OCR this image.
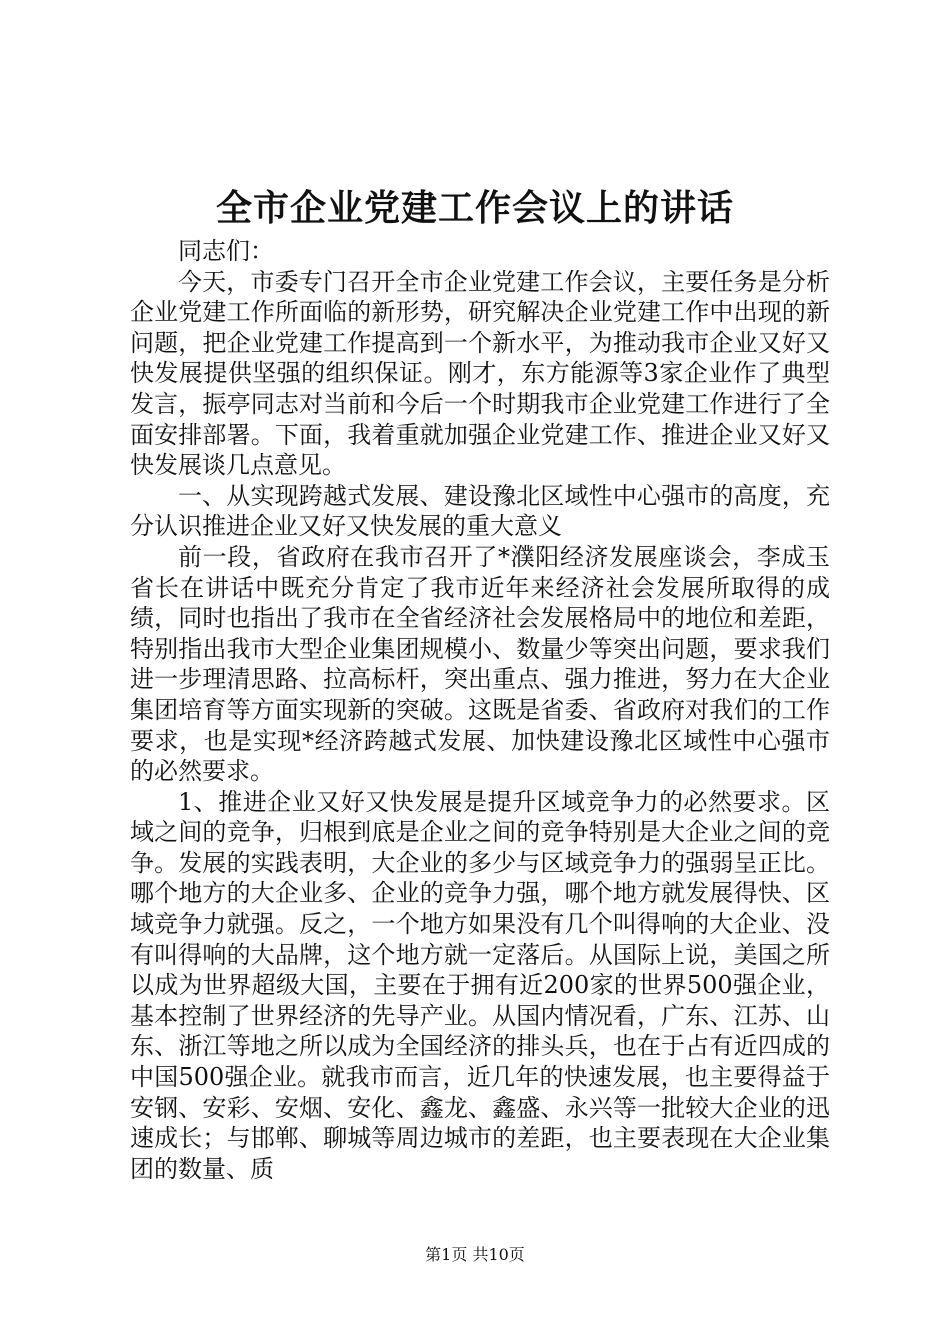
全市企业党建工作会议上的讲话

同志们：

今天，市委专门召开全市企业党建工作会议，主要任务是分析企业党建工作所面临的新形势，研究解决企业党建工作中出现的新问题，把企业党建工作提高到一个新水平，为推动我市企业又好又快发展提供坚强的组织保证。刚才，东方能源等3家企业作了典型发言，振亭同志对当前和今后一个时期我市企业党建工作进行了全面安排部署。下面，我着重就加强企业党建工作、推进企业又好又快发展谈几点意见。

一、从实现跨越式发展、建设豫北区域性中心强市的高度，充分认识推进企业又好又快发展的重大意义

前一段，省政府在我市召开了*濮阳经济发展座谈会，李成玉省长在讲话中既充分肯定了我市近年来经济社会发展所取得的成绩，同时也指出了我市在全省经济社会发展格局中的地位和差距，特别指出我市大型企业集团规模小、数量少等突出问题，要求我们进一步理清思路、拉高标杆，突出重点、强力推进，努力在大企业集团培育等方面实现新的突破。这既是省委、省政府对我们的工作要求，也是实现*经济跨越式发展、加快建设豫北区域性中心强市的必然要求。

1、推进企业又好又快发展是提升区域竞争力的必然要求。区域之间的竞争，归根到底是企业之间的竞争特别是大企业之间的竞争。发展的实践表明，大企业的多少与区域竞争力的强弱呈正比。哪个地方的大企业多、企业的竞争力强，哪个地方就发展得快、区域竞争力就强。反之，一个地方如果没有几个叫得响的大企业、没有叫得响的大品牌，这个地方就一定落后。从国际上说，美国之所以成为世界超级大国，主要在于拥有近200家的世界500强企业，基本控制了世界经济的先导产业。从国内情况看，广东、江苏、山东、浙江等地之所以成为全国经济的排头兵，也在于占有近四成的中国500强企业。就我市而言，近几年的快速发展，也主要得益于安钢、安彩、安烟、安化、鑫龙、鑫盛、永兴等一批较大企业的迅速成长；与邯郸、聊城等周边城市的差距，也主要表现在大企业集团的数量、质

第1页 共10页
